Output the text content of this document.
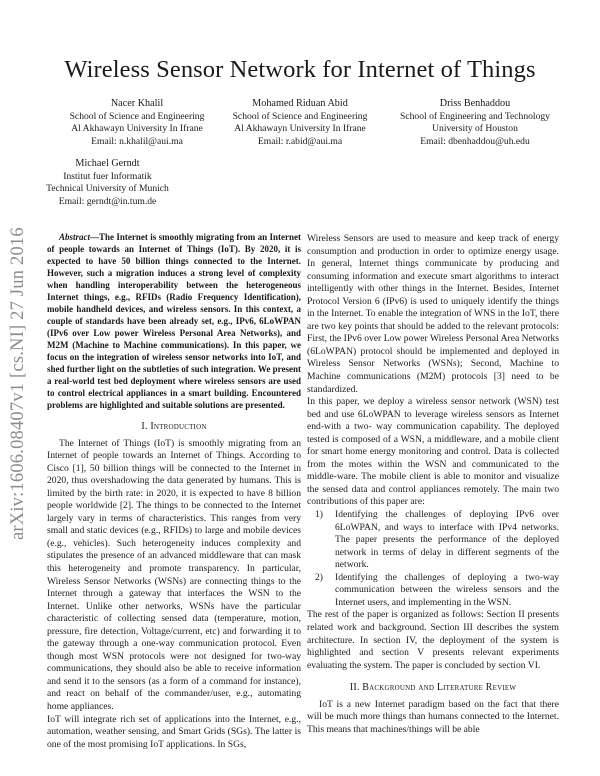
Wireless Sensor Network for Internet of Things
Nacer Khalil
School of Science and Engineering
Al Akhawayn University In Ifrane
Email: n.khalil@aui.ma
Mohamed Riduan Abid
School of Science and Engineering
Al Akhawayn University In Ifrane
Email: r.abid@aui.ma
Driss Benhaddou
School of Engineering and Technology
University of Houston
Email: dbenhaddou@uh.edu
Michael Gerndt
Institut fuer Informatik
Technical University of Munich
Email: gerndt@in.tum.de
arXiv:1606.08407v1 [cs.NI] 27 Jun 2016	Abstract—The Internet is smoothly migrating from an Internet of people towards an Internet of Things (IoT). By 2020, it is expected to have 50 billion things connected to the Internet. However, such a migration induces a strong level of complexity when handling interoperability between the heterogeneous Internet things, e.g., RFIDs (Radio Frequency Identification), mobile handheld devices, and wireless sensors. In this context, a couple of standards have been already set, e.g., IPv6, 6LoWPAN (IPv6 over Low power Wireless Personal Area Networks), and M2M (Machine to Machine communications). In this paper, we focus on the integration of wireless sensor networks into IoT, and shed further light on the subtleties of such integration. We present a real-world test bed deployment where wireless sensors are used to control electrical appliances in a smart building. Encountered problems are highlighted and suitable solutions are presented.

I. Introduction

The Internet of Things (IoT) is smoothly migrating from an Internet of people towards an Internet of Things. According to Cisco [1], 50 billion things will be connected to the Internet in 2020, thus overshadowing the data generated by humans. This is limited by the birth rate: in 2020, it is expected to have 8 billion people worldwide [2]. The things to be connected to the Internet largely vary in terms of characteristics. This ranges from very small and static devices (e.g., RFIDs) to large and mobile devices (e.g., vehicles). Such heterogeneity induces complexity and stipulates the presence of an advanced middleware that can mask this heterogeneity and promote transparency. In particular, Wireless Sensor Networks (WSNs) are connecting things to the Internet through a gateway that interfaces the WSN to the Internet. Unlike other networks, WSNs have the particular characteristic of collecting sensed data (temperature, motion, pressure, fire detection, Voltage/current, etc) and forwarding it to the gateway through a one-way communication protocol. Even though most WSN protocols were not designed for two-way communications, they should also be able to receive information and send it to the sensors (as a form of a command for instance), and react on behalf of the commander/user, e.g., automating home appliances.

IoT will integrate rich set of applications into the Internet, e.g., automation, weather sensing, and Smart Grids (SGs). The latter is one of the most promising IoT applications. In SGs,

Wireless Sensors are used to measure and keep track of energy consumption and production in order to optimize energy usage. In general, Internet things communicate by producing and consuming information and execute smart algorithms to interact intelligently with other things in the Internet. Besides, Internet Protocol Version 6 (IPv6) is used to uniquely identify the things in the Internet. To enable the integration of WNS in the IoT, there are two key points that should be added to the relevant protocols: First, the IPv6 over Low power Wireless Personal Area Networks (6LoWPAN) protocol should be implemented and deployed in Wireless Sensor Networks (WSNs); Second, Machine to Machine communications (M2M) protocols [3] need to be standardized.

In this paper, we deploy a wireless sensor network (WSN) test bed and use 6LoWPAN to leverage wireless sensors as Internet end-with a two- way communication capability. The deployed tested is composed of a WSN, a middleware, and a mobile client for smart home energy monitoring and control. Data is collected from the motes within the WSN and communicated to the middle-ware. The mobile client is able to monitor and visualize the sensed data and control appliances remotely. The main two contributions of this paper are:

1) Identifying the challenges of deploying IPv6 over 6LoWPAN, and ways to interface with IPv4 networks. The paper presents the performance of the deployed network in terms of delay in different segments of the network.
2) Identifying the challenges of deploying a two-way communication between the wireless sensors and the Internet users, and implementing in the WSN.

The rest of the paper is organized as follows: Section II presents related work and background. Section III describes the system architecture. In section IV, the deployment of the system is highlighted and section V presents relevant experiments evaluating the system. The paper is concluded by section VI.

II. Background and Literature Review

IoT is a new Internet paradigm based on the fact that there will be much more things than humans connected to the Internet. This means that machines/things will be able
